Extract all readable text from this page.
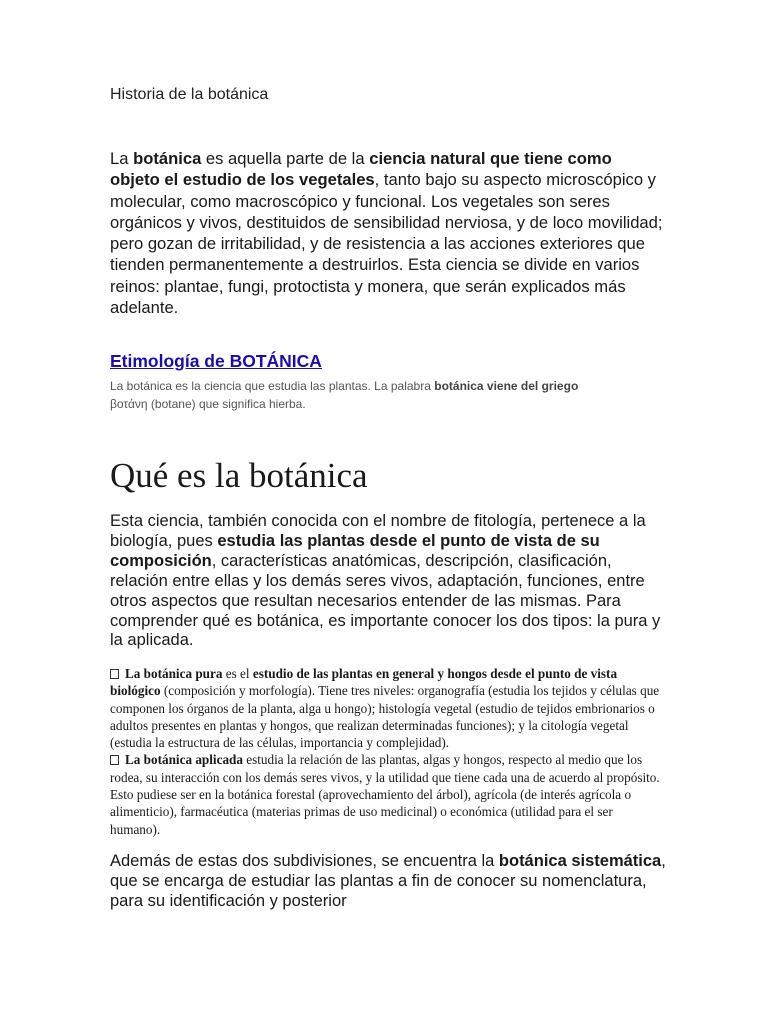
Historia de la botánica

La botánica es aquella parte de la ciencia natural que tiene como objeto el estudio de los vegetales, tanto bajo su aspecto microscópico y molecular, como macroscópico y funcional. Los vegetales son seres orgánicos y vivos, destituidos de sensibilidad nerviosa, y de loco movilidad; pero gozan de irritabilidad, y de resistencia a las acciones exteriores que tienden permanentemente a destruirlos. Esta ciencia se divide en varios reinos: plantae, fungi, protoctista y monera, que serán explicados más adelante.

Etimología de BOTÁNICA

La botánica es la ciencia que estudia las plantas. La palabra botánica viene del griego βοτάνη (botane) que significa hierba.

Qué es la botánica

Esta ciencia, también conocida con el nombre de fitología, pertenece a la biología, pues estudia las plantas desde el punto de vista de su composición, características anatómicas, descripción, clasificación, relación entre ellas y los demás seres vivos, adaptación, funciones, entre otros aspectos que resultan necesarios entender de las mismas. Para comprender qué es botánica, es importante conocer los dos tipos: la pura y la aplicada.

La botánica pura es el estudio de las plantas en general y hongos desde el punto de vista biológico (composición y morfología). Tiene tres niveles: organografía (estudia los tejidos y células que componen los órganos de la planta, alga u hongo); histología vegetal (estudio de tejidos embrionarios o adultos presentes en plantas y hongos, que realizan determinadas funciones); y la citología vegetal (estudia la estructura de las células, importancia y complejidad).

La botánica aplicada estudia la relación de las plantas, algas y hongos, respecto al medio que los rodea, su interacción con los demás seres vivos, y la utilidad que tiene cada una de acuerdo al propósito. Esto pudiese ser en la botánica forestal (aprovechamiento del árbol), agrícola (de interés agrícola o alimenticio), farmacéutica (materias primas de uso medicinal) o económica (utilidad para el ser humano).

Además de estas dos subdivisiones, se encuentra la botánica sistemática, que se encarga de estudiar las plantas a fin de conocer su nomenclatura, para su identificación y posterior
